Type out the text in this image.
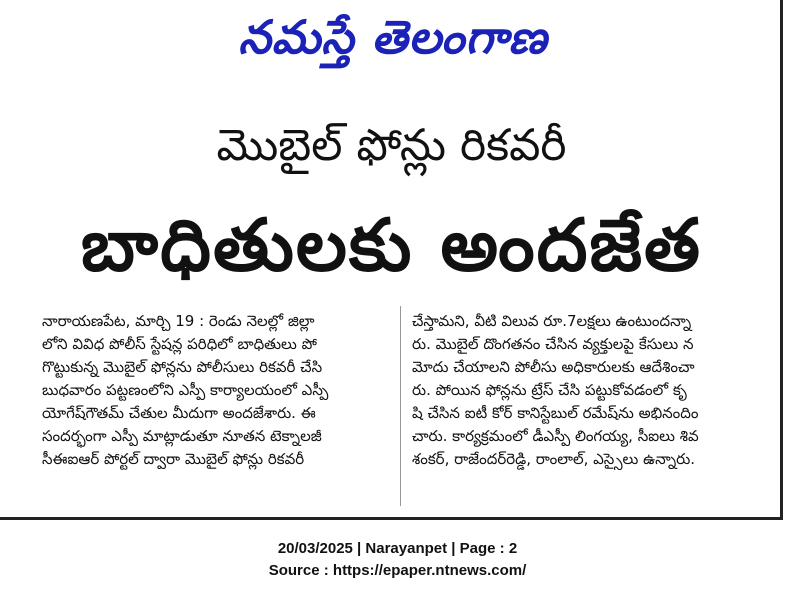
నమస్తే తెలంగాణ
మొబైల్ ఫోన్లు రికవరీ
బాధితులకు అందజేత
నారాయణపేట, మార్చి 19 : రెండు నెలల్లో జిల్లా
లోని వివిధ పోలీస్ స్టేషన్ల పరిధిలో బాధితులు పో
గొట్టుకున్న మొబైల్ ఫోన్లను పోలీసులు రికవరీ చేసి
బుధవారం పట్టణంలోని ఎస్పీ కార్యాలయంలో ఎస్పీ
యోగేష్‌గౌతమ్ చేతుల మీదుగా అందజేశారు. ఈ
సందర్భంగా ఎస్పీ మాట్లాడుతూ నూతన టెక్నాలజీ
సీఈఐఆర్ పోర్టల్ ద్వారా మొబైల్ ఫోన్లు రికవరీ
చేస్తామని, వీటి విలువ రూ.7లక్షలు ఉంటుందన్నా
రు. మొబైల్ దొంగతనం చేసిన వ్యక్తులపై కేసులు న
మోదు చేయాలని పోలీసు అధికారులకు ఆదేశించా
రు. పోయిన ఫోన్లను ట్రేస్ చేసి పట్టుకోవడంలో కృ
షి చేసిన ఐటీ కోర్ కానిస్టేబుల్ రమేష్‌ను అభినందిం
చారు. కార్యక్రమంలో డీఎస్పీ లింగయ్య, సీఐలు శివ
శంకర్, రాజేందర్‌రెడ్డి, రాంలాల్, ఎస్సైలు ఉన్నారు.
20/03/2025 | Narayanpet | Page : 2
Source : https://epaper.ntnews.com/
